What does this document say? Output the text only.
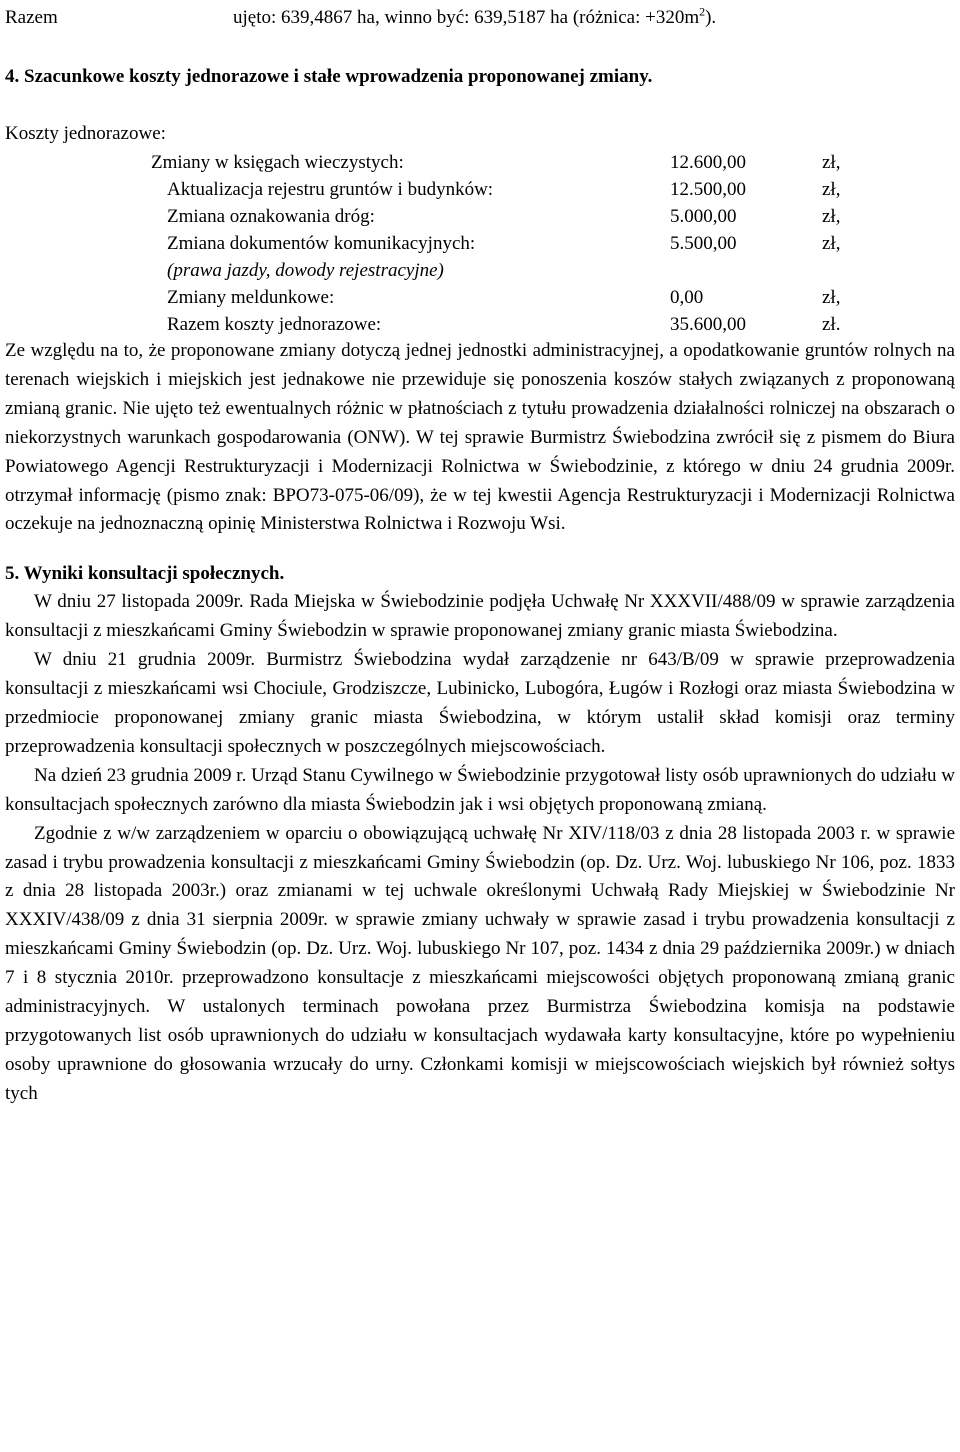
Razem	ujęto: 639,4867 ha, winno być: 639,5187 ha (różnica: $+320m^2$).
4. Szacunkowe koszty jednorazowe i stałe wprowadzenia proponowanej zmiany.
Koszty jednorazowe:
Zmiany w księgach wieczystych:	12.600,00	zł,
Aktualizacja rejestru gruntów i budynków:	12.500,00	zł,
Zmiana oznakowania dróg:	5.000,00	zł,
Zmiana dokumentów komunikacyjnych:	5.500,00	zł,
(prawa jazdy, dowody rejestracyjne)
Zmiany meldunkowe:	0,00	zł,
Razem koszty jednorazowe:	35.600,00	zł.

Ze względu na to, że proponowane zmiany dotyczą jednej jednostki administracyjnej, a opodatkowanie gruntów rolnych na terenach wiejskich i miejskich jest jednakowe nie przewiduje się ponoszenia koszów stałych związanych z proponowaną zmianą granic. Nie ujęto też ewentualnych różnic w płatnościach z tytułu prowadzenia działalności rolniczej na obszarach o niekorzystnych warunkach gospodarowania (ONW). W tej sprawie Burmistrz Świebodzina zwrócił się z pismem do Biura Powiatowego Agencji Restrukturyzacji i Modernizacji Rolnictwa w Świebodzinie, z którego w dniu 24 grudnia 2009r. otrzymał informację (pismo znak: BPO73-075-06/09), że w tej kwestii Agencja Restrukturyzacji i Modernizacji Rolnictwa oczekuje na jednoznaczną opinię Ministerstwa Rolnictwa i Rozwoju Wsi.

5. Wyniki konsultacji społecznych.

W dniu 27 listopada 2009r. Rada Miejska w Świebodzinie podjęła Uchwałę Nr XXXVII/488/09 w sprawie zarządzenia konsultacji z mieszkańcami Gminy Świebodzin w sprawie proponowanej zmiany granic miasta Świebodzina.

W dniu 21 grudnia 2009r. Burmistrz Świebodzina wydał zarządzenie nr 643/B/09 w sprawie przeprowadzenia konsultacji z mieszkańcami wsi Chociule, Grodziszcze, Lubinicko, Lubogóra, Ługów i Rozłogi oraz miasta Świebodzina w przedmiocie proponowanej zmiany granic miasta Świebodzina, w którym ustalił skład komisji oraz terminy przeprowadzenia konsultacji społecznych w poszczególnych miejscowościach.

Na dzień 23 grudnia 2009 r. Urząd Stanu Cywilnego w Świebodzinie przygotował listy osób uprawnionych do udziału w konsultacjach społecznych zarówno dla miasta Świebodzin jak i wsi objętych proponowaną zmianą.

Zgodnie z w/w zarządzeniem w oparciu o obowiązującą uchwałę Nr XIV/118/03 z dnia 28 listopada 2003 r. w sprawie zasad i trybu prowadzenia konsultacji z mieszkańcami Gminy Świebodzin (op. Dz. Urz. Woj. lubuskiego Nr 106, poz. 1833 z dnia 28 listopada 2003r.) oraz zmianami w tej uchwale określonymi Uchwałą Rady Miejskiej w Świebodzinie Nr XXXIV/438/09 z dnia 31 sierpnia 2009r. w sprawie zmiany uchwały w sprawie zasad i trybu prowadzenia konsultacji z mieszkańcami Gminy Świebodzin (op. Dz. Urz. Woj. lubuskiego Nr 107, poz. 1434 z dnia 29 października 2009r.) w dniach 7 i 8 stycznia 2010r. przeprowadzono konsultacje z mieszkańcami miejscowości objętych proponowaną zmianą granic administracyjnych. W ustalonych terminach powołana przez Burmistrza Świebodzina komisja na podstawie przygotowanych list osób uprawnionych do udziału w konsultacjach wydawała karty konsultacyjne, które po wypełnieniu osoby uprawnione do głosowania wrzucały do urny. Członkami komisji w miejscowościach wiejskich był również sołtys tych
